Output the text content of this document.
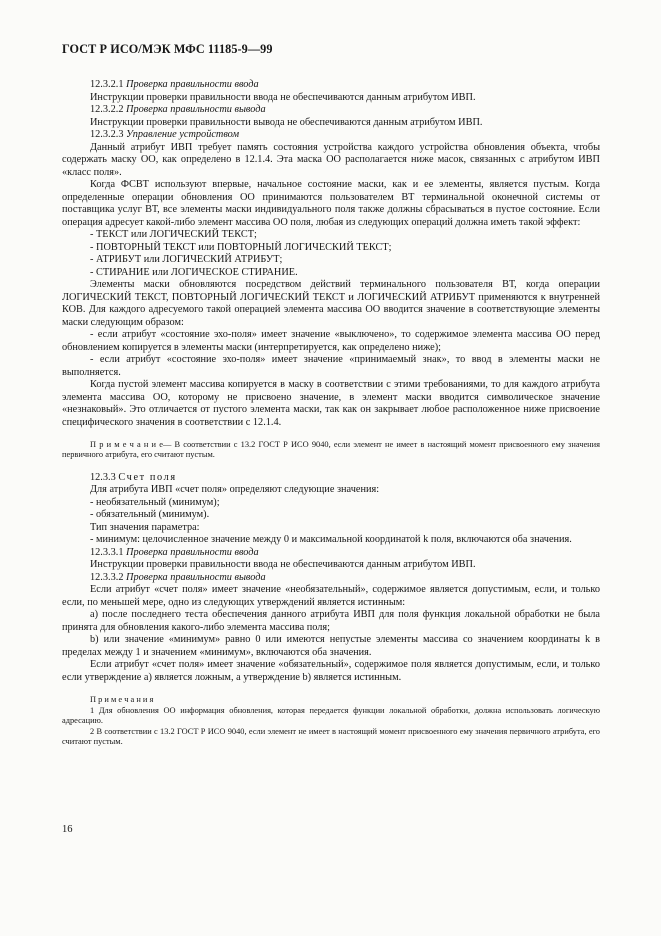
ГОСТ Р ИСО/МЭК МФС 11185-9—99

12.3.2.1 Проверка правильности ввода

Инструкции проверки правильности ввода не обеспечиваются данным атрибутом ИВП.

12.3.2.2 Проверка правильности вывода

Инструкции проверки правильности вывода не обеспечиваются данным атрибутом ИВП.

12.3.2.3 Управление устройством

Данный атрибут ИВП требует память состояния устройства каждого устройства обновления объекта, чтобы содержать маску ОО, как определено в 12.1.4. Эта маска ОО располагается ниже масок, связанных с атрибутом ИВП «класс поля».

Когда ФСВТ используют впервые, начальное состояние маски, как и ее элементы, является пустым. Когда определенные операции обновления ОО принимаются пользователем ВТ терминальной оконечной системы от поставщика услуг ВТ, все элементы маски индивидуального поля также должны сбрасываться в пустое состояние. Если операция адресует какой-либо элемент массива ОО поля, любая из следующих операций должна иметь такой эффект:

- ТЕКСТ или ЛОГИЧЕСКИЙ ТЕКСТ;

- ПОВТОРНЫЙ ТЕКСТ или ПОВТОРНЫЙ ЛОГИЧЕСКИЙ ТЕКСТ;

- АТРИБУТ или ЛОГИЧЕСКИЙ АТРИБУТ;

- СТИРАНИЕ или ЛОГИЧЕСКОЕ СТИРАНИЕ.

Элементы маски обновляются посредством действий терминального пользователя ВТ, когда операции ЛОГИЧЕСКИЙ ТЕКСТ, ПОВТОРНЫЙ ЛОГИЧЕСКИЙ ТЕКСТ и ЛОГИЧЕСКИЙ АТРИБУТ применяются к внутренней КОВ. Для каждого адресуемого такой операцией элемента массива ОО вводится значение в соответствующие элементы маски следующим образом:

- если атрибут «состояние эхо-поля» имеет значение «выключено», то содержимое элемента массива ОО перед обновлением копируется в элементы маски (интерпретируется, как определено ниже);

- если атрибут «состояние эхо-поля» имеет значение «принимаемый знак», то ввод в элементы маски не выполняется.

Когда пустой элемент массива копируется в маску в соответствии с этими требованиями, то для каждого атрибута элемента массива ОО, которому не присвоено значение, в элемент маски вводится символическое значение «незнаковый». Это отличается от пустого элемента маски, так как он закрывает любое расположенное ниже присвоение специфического значения в соответствии с 12.1.4.

П р и м е ч а н и е— В соответствии с 13.2 ГОСТ Р ИСО 9040, если элемент не имеет в настоящий момент присвоенного ему значения первичного атрибута, его считают пустым.

12.3.3 Счет поля

Для атрибута ИВП «счет поля» определяют следующие значения:

- необязательный (минимум);

- обязательный (минимум).

Тип значения параметра:

- минимум: целочисленное значение между 0 и максимальной координатой k поля, включаются оба значения.

12.3.3.1 Проверка правильности ввода

Инструкции проверки правильности ввода не обеспечиваются данным атрибутом ИВП.

12.3.3.2 Проверка правильности вывода

Если атрибут «счет поля» имеет значение «необязательный», содержимое является допустимым, если, и только если, по меньшей мере, одно из следующих утверждений является истинным:

a) после последнего теста обеспечения данного атрибута ИВП для поля функция локальной обработки не была принята для обновления какого-либо элемента массива поля;

b) или значение «минимум» равно 0 или имеются непустые элементы массива со значением координаты k в пределах между 1 и значением «минимум», включаются оба значения.

Если атрибут «счет поля» имеет значение «обязательный», содержимое поля является допустимым, если, и только если утверждение a) является ложным, а утверждение b) является истинным.

П р и м е ч а н и я

1 Для обновления ОО информация обновления, которая передается функции локальной обработки, должна использовать логическую адресацию.

2 В соответствии с 13.2 ГОСТ Р ИСО 9040, если элемент не имеет в настоящий момент присвоенного ему значения первичного атрибута, его считают пустым.

16
